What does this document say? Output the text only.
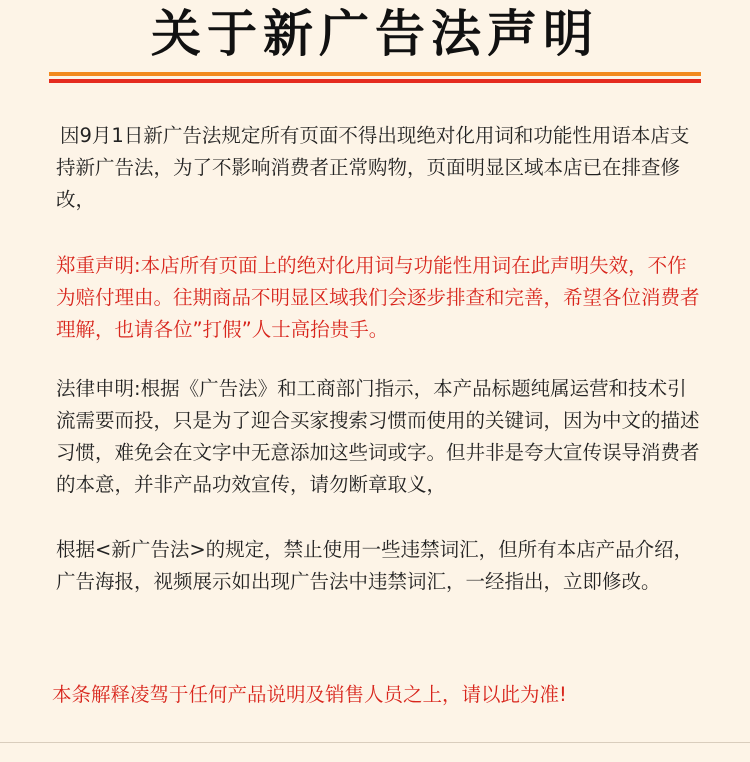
关于新广告法声明

因9月1日新广告法规定所有页面不得出现绝对化用词和功能性用语本店支持新广告法，为了不影响消费者正常购物，页面明显区域本店已在排查修改，

郑重声明:本店所有页面上的绝对化用词与功能性用词在此声明失效，不作为赔付理由。往期商品不明显区域我们会逐步排查和完善，希望各位消费者理解，也请各位”打假”人士高抬贵手。

法律申明:根据《广告法》和工商部门指示，本产品标题纯属运营和技术引流需要而投，只是为了迎合买家搜索习惯而使用的关键词，因为中文的描述习惯，难免会在文字中无意添加这些词或字。但井非是夸大宣传误导消费者的本意，并非产品功效宣传，请勿断章取义，

根据<新广告法>的规定，禁止使用一些违禁词汇，但所有本店产品介绍，广告海报，视频展示如出现广告法中违禁词汇，一经指出，立即修改。

本条解释凌驾于任何产品说明及销售人员之上，请以此为准!
